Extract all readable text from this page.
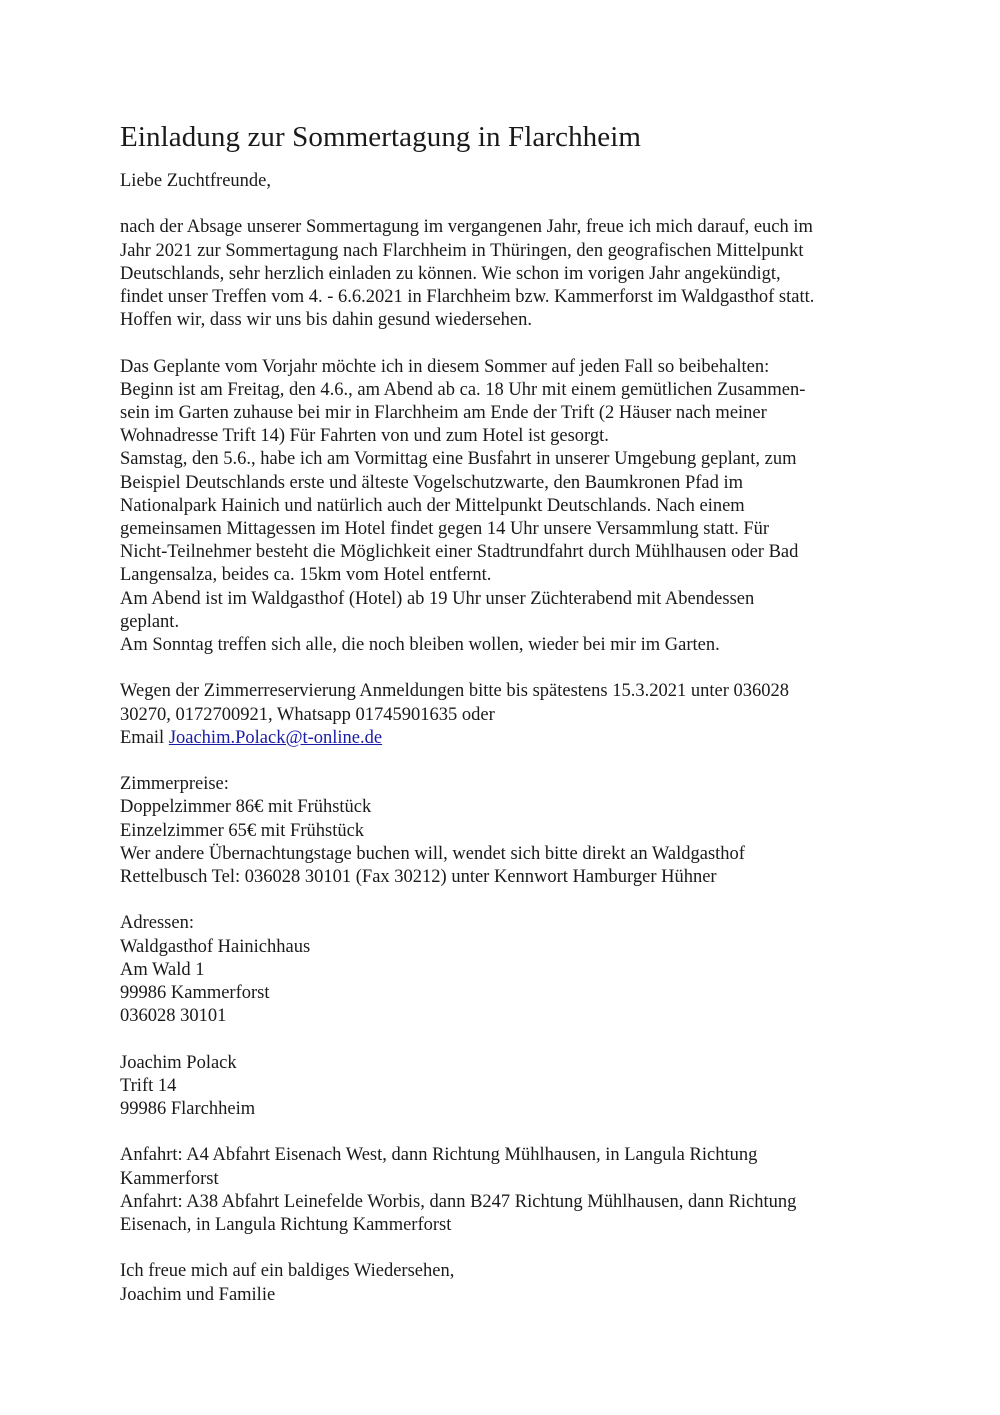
Einladung zur Sommertagung in Flarchheim
Liebe Zuchtfreunde,
nach der Absage unserer Sommertagung im vergangenen Jahr, freue ich mich darauf, euch im
Jahr 2021 zur Sommertagung nach Flarchheim in Thüringen, den geografischen Mittelpunkt
Deutschlands, sehr herzlich einladen zu können. Wie schon im vorigen Jahr angekündigt,
findet unser Treffen vom 4. - 6.6.2021 in Flarchheim bzw. Kammerforst im Waldgasthof statt.
Hoffen wir, dass wir uns bis dahin gesund wiedersehen.
Das Geplante vom Vorjahr möchte ich in diesem Sommer auf jeden Fall so beibehalten:
Beginn ist am Freitag, den 4.6., am Abend ab ca. 18 Uhr mit einem gemütlichen Zusammen-
sein im Garten zuhause bei mir in Flarchheim am Ende der Trift (2 Häuser nach meiner
Wohnadresse Trift 14) Für Fahrten von und zum Hotel ist gesorgt.
Samstag, den 5.6., habe ich am Vormittag eine Busfahrt in unserer Umgebung geplant, zum
Beispiel Deutschlands erste und älteste Vogelschutzwarte, den Baumkronen Pfad im
Nationalpark Hainich und natürlich auch der Mittelpunkt Deutschlands. Nach einem
gemeinsamen Mittagessen im Hotel findet gegen 14 Uhr unsere Versammlung statt. Für
Nicht-Teilnehmer besteht die Möglichkeit einer Stadtrundfahrt durch Mühlhausen oder Bad
Langensalza, beides ca. 15km vom Hotel entfernt.
Am Abend ist im Waldgasthof (Hotel) ab 19 Uhr unser Züchterabend mit Abendessen
geplant.
Am Sonntag treffen sich alle, die noch bleiben wollen, wieder bei mir im Garten.
Wegen der Zimmerreservierung Anmeldungen bitte bis spätestens 15.3.2021 unter 036028
30270, 0172700921, Whatsapp 01745901635 oder
Email Joachim.Polack@t-online.de
Zimmerpreise:
Doppelzimmer 86€ mit Frühstück
Einzelzimmer 65€ mit Frühstück
Wer andere Übernachtungstage buchen will, wendet sich bitte direkt an Waldgasthof
Rettelbusch Tel: 036028 30101 (Fax 30212) unter Kennwort Hamburger Hühner
Adressen:
Waldgasthof Hainichhaus
Am Wald 1
99986 Kammerforst
036028 30101
Joachim Polack
Trift 14
99986 Flarchheim
Anfahrt: A4 Abfahrt Eisenach West, dann Richtung Mühlhausen, in Langula Richtung
Kammerforst
Anfahrt: A38 Abfahrt Leinefelde Worbis, dann B247 Richtung Mühlhausen, dann Richtung
Eisenach, in Langula Richtung Kammerforst
Ich freue mich auf ein baldiges Wiedersehen,
Joachim und Familie
